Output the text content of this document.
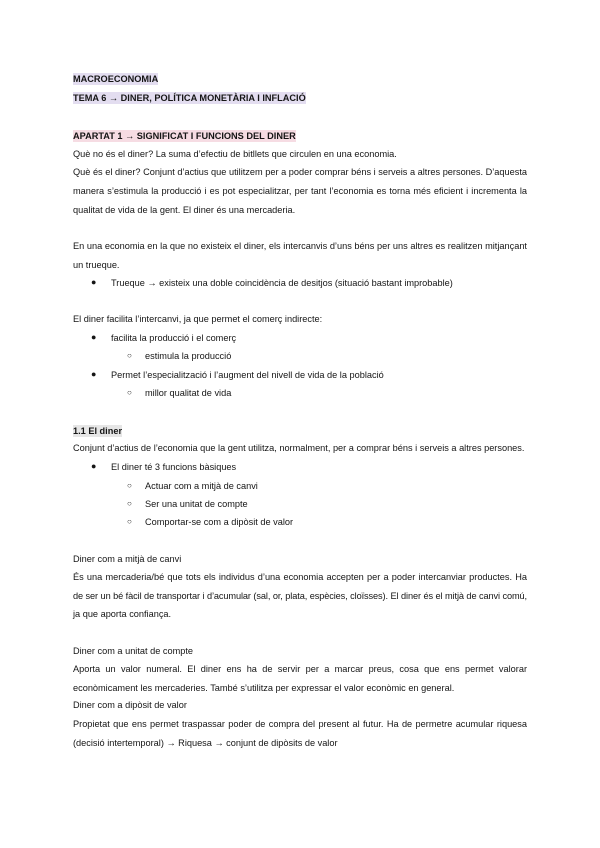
MACROECONOMIA
TEMA 6 → DINER, POLÍTICA MONETÀRIA I INFLACIÓ
APARTAT 1 → SIGNIFICAT I FUNCIONS DEL DINER
Què no és el diner? La suma d’efectiu de bitllets que circulen en una economia.
Què és el diner? Conjunt d’actius que utilitzem per a poder comprar béns i serveis a altres persones. D’aquesta
manera s’estimula la producció i es pot especialitzar, per tant l’economia es torna més eficient i incrementa la
qualitat de vida de la gent. El diner és una mercaderia.
En una economia en la que no existeix el diner, els intercanvis d’uns béns per uns altres es realitzen mitjançant
un trueque.
● Trueque → existeix una doble coincidència de desitjos (situació bastant improbable)
El diner facilita l’intercanvi, ja que permet el comerç indirecte:
● facilita la producció i el comerç
○ estimula la producció
● Permet l’especialització i l’augment del nivell de vida de la població
○ millor qualitat de vida
1.1 El diner
Conjunt d’actius de l’economia que la gent utilitza, normalment, per a comprar béns i serveis a altres persones.
● El diner té 3 funcions bàsiques
○ Actuar com a mitjà de canvi
○ Ser una unitat de compte
○ Comportar-se com a dipòsit de valor
Diner com a mitjà de canvi
És una mercaderia/bé que tots els individus d’una economia accepten per a poder intercanviar productes. Ha
de ser un bé fàcil de transportar i d’acumular (sal, or, plata, espècies, cloïsses). El diner és el mitjà de canvi comú,
ja que aporta confiança.
Diner com a unitat de compte
Aporta un valor numeral. El diner ens ha de servir per a marcar preus, cosa que ens permet valorar
econòmicament les mercaderies. També s’utilitza per expressar el valor econòmic en general.
Diner com a dipòsit de valor
Propietat que ens permet traspassar poder de compra del present al futur. Ha de permetre acumular riquesa
(decisió intertemporal) → Riquesa → conjunt de dipòsits de valor
